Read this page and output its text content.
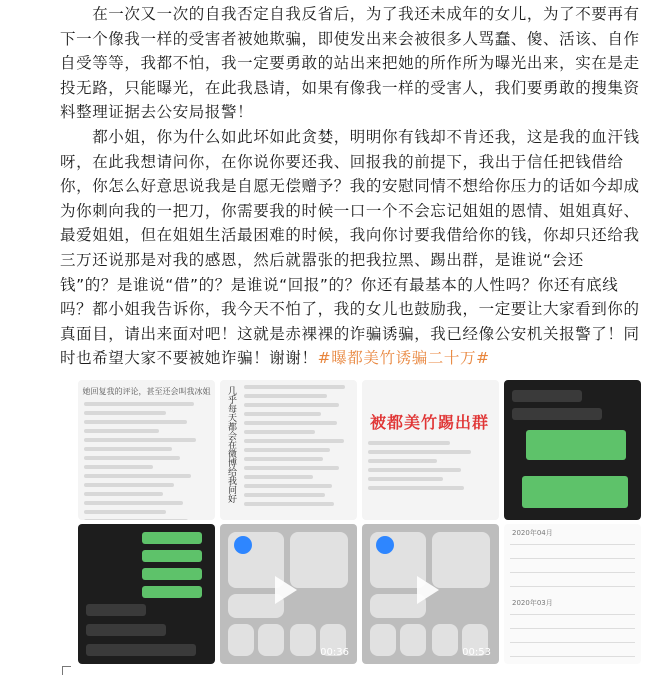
  在一次又一次的自我否定自我反省后，为了我还未成年的女儿，为了不要再有下一个像我一样的受害者被她欺骗，即使发出来会被很多人骂蠢、傻、活该、自作自受等等，我都不怕，我一定要勇敢的站出来把她的所作所为曝光出来，实在是走投无路，只能曝光，在此我恳请，如果有像我一样的受害人，我们要勇敢的搜集资料整理证据去公安局报警！

  都小姐，你为什么如此坏如此贪婪，明明你有钱却不肯还我，这是我的血汗钱呀，在此我想请问你，在你说你要还我、回报我的前提下，我出于信任把钱借给你，你怎么好意思说我是自愿无偿赠予？我的安慰同情不想给你压力的话如今却成为你刺向我的一把刀，你需要我的时候一口一个不会忘记姐姐的恩情、姐姐真好、最爱姐姐，但在姐姐生活最困难的时候，我向你讨要我借给你的钱，你却只还给我三万还说那是对我的感恩，然后就嚣张的把我拉黑、踢出群，是谁说“会还钱”的？是谁说“借”的？是谁说“回报”的？你还有最基本的人性吗？你还有底线吗？都小姐我告诉你，我今天不怕了，我的女儿也鼓励我，一定要让大家看到你的真面目，请出来面对吧！这就是赤裸裸的诈骗诱骗，我已经像公安机关报警了！同时也希望大家不要被她诈骗！谢谢！#曝都美竹诱骗二十万#

她回复我的评论，甚至还会叫我冰姐	几乎每天都会在微博给我问好	被都美竹踢出群
00:36	00:53
2020年04月
2020年03月
